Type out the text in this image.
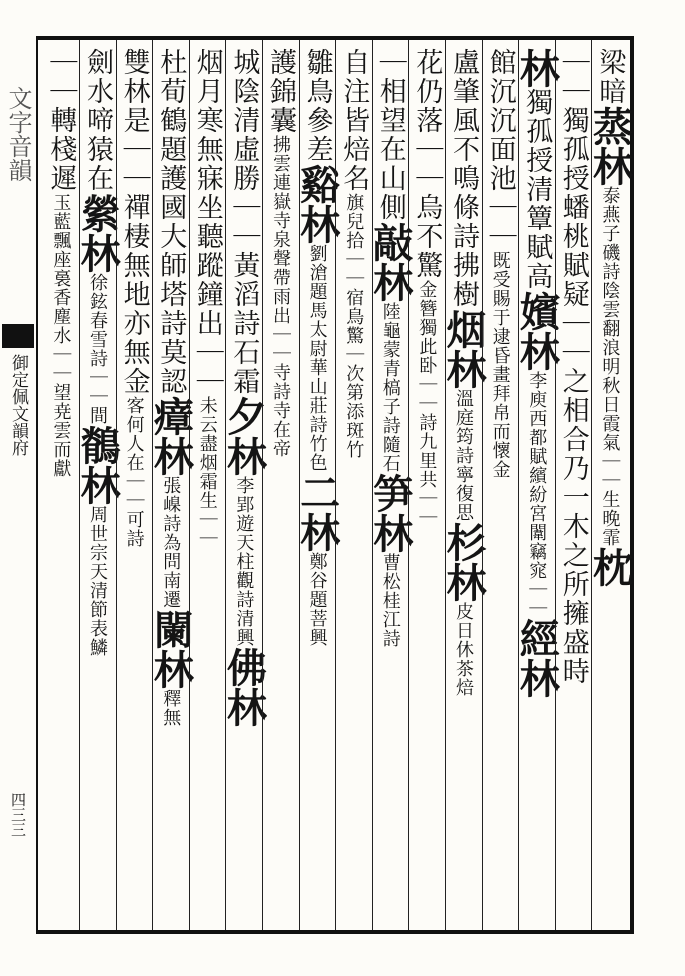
文字音韻
御定佩文韻府
四三三
梁暗蒸林泰燕子磯詩陰雲翻浪明秋日霞氣｜｜生晚霏枕
｜｜獨孤授蟠桃賦疑｜｜之相合乃一木之所擁盛時
林獨孤授清簟賦高嬪林李庾西都賦繽紛宮闈竊窕｜｜經林
館沉沉面池｜｜既受賜于逮昏畫拜帛而懷金
盧肇風不鳴條詩拂樹烟林溫庭筠詩寧復思杉林皮日休茶焙
花仍落｜｜烏不驚金簪獨此卧｜｜詩九里共｜｜
｜相望在山側敲林陸龜蒙青槁子詩隨石笋林曹松桂江詩
自注皆焙名旗兒拾｜｜宿鳥驚｜次第添斑竹
雛鳥參差谿林劉滄題馬太尉華山莊詩竹色二林鄭谷題菩興
護錦囊拂雲連嶽寺泉聲帶雨出｜｜寺詩寺在帝
城陰清虛勝｜｜黃滔詩石霜夕林李郢遊天柱觀詩清興佛林
烟月寒無寐坐聽蹤鐘出｜｜未云盡烟霜生｜｜
杜荀鶴題護國大師塔詩莫認瘴林張嵲詩為問南遷闌林釋無
雙林是｜｜禪棲無地亦無金客何人在｜｜可詩
劍水啼猿在縈林徐鉉春雪詩｜｜間鶺林周世宗天清節表鱗
｜｜轉棧遲玉藍飄座裛香塵水｜｜望尭雲而獻
